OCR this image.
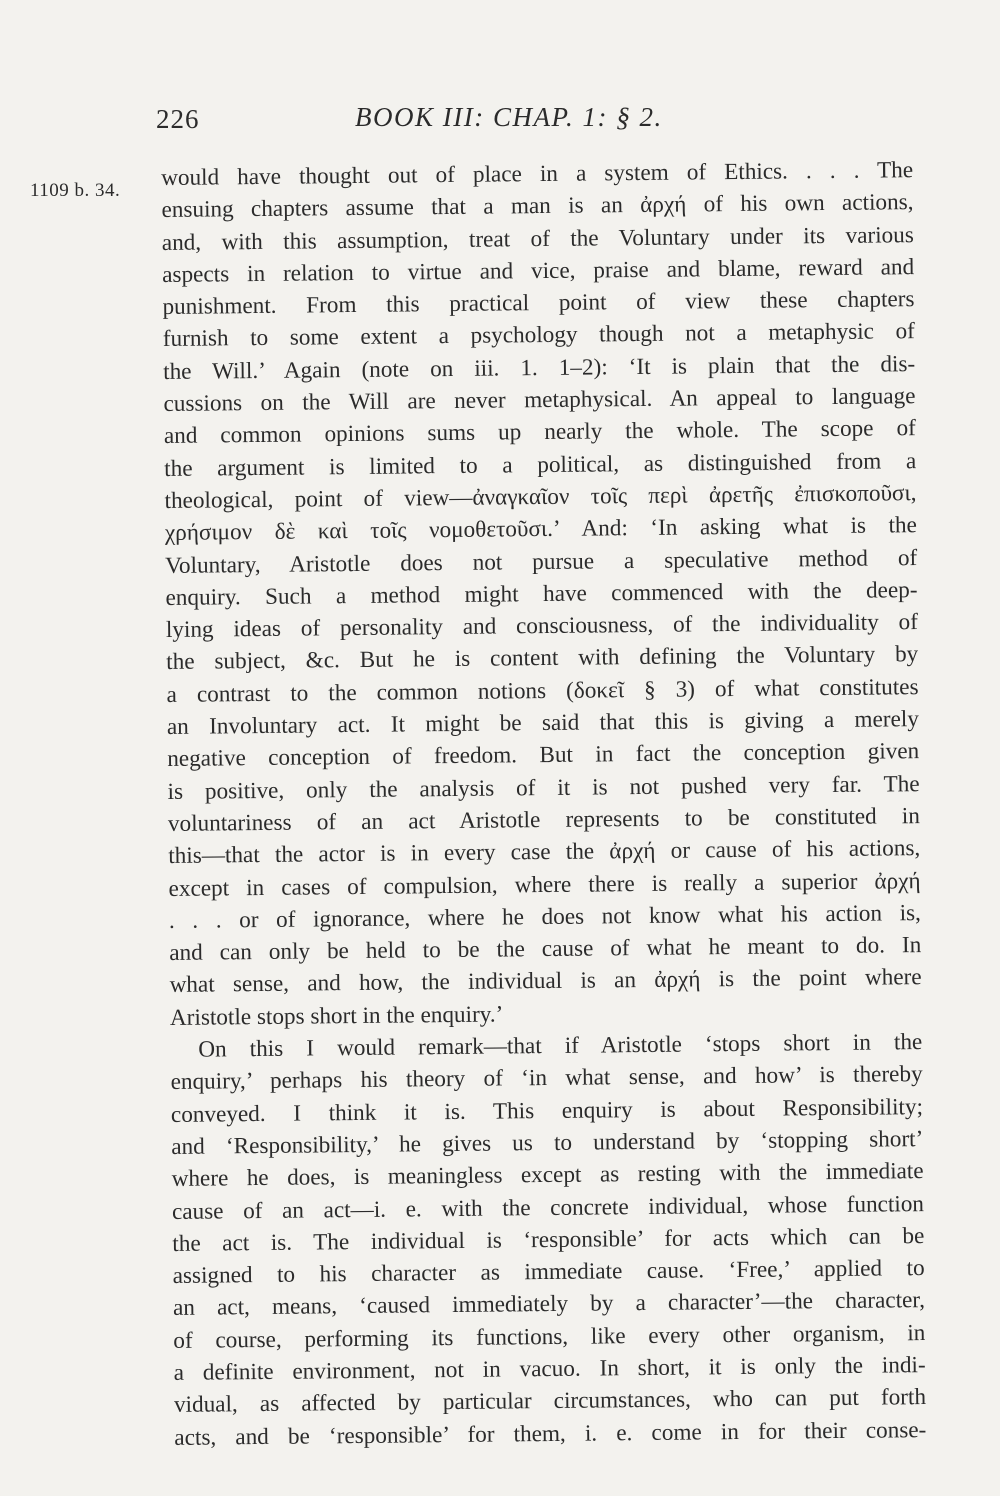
226	BOOK III: CHAP. 1: § 2.
1109 b. 34. would have thought out of place in a system of Ethics. . . . The
ensuing chapters assume that a man is an ἀρχή of his own actions,
and, with this assumption, treat of the Voluntary under its various
aspects in relation to virtue and vice, praise and blame, reward and
punishment. From this practical point of view these chapters
furnish to some extent a psychology though not a metaphysic of
the Will.’ Again (note on iii. 1. 1–2): ‘It is plain that the dis-
cussions on the Will are never metaphysical. An appeal to language
and common opinions sums up nearly the whole. The scope of
the argument is limited to a political, as distinguished from a
theological, point of view—ἀναγκαῖον τοῖς περὶ ἀρετῆς ἐπισκοποῦσι,
χρήσιμον δὲ καὶ τοῖς νομοθετοῦσι.’ And: ‘In asking what is the
Voluntary, Aristotle does not pursue a speculative method of
enquiry. Such a method might have commenced with the deep-
lying ideas of personality and consciousness, of the individuality of
the subject, &c. But he is content with defining the Voluntary by
a contrast to the common notions (δοκεῖ § 3) of what constitutes
an Involuntary act. It might be said that this is giving a merely
negative conception of freedom. But in fact the conception given
is positive, only the analysis of it is not pushed very far. The
voluntariness of an act Aristotle represents to be constituted in
this—that the actor is in every case the ἀρχή or cause of his actions,
except in cases of compulsion, where there is really a superior ἀρχή
. . . or of ignorance, where he does not know what his action is,
and can only be held to be the cause of what he meant to do. In
what sense, and how, the individual is an ἀρχή is the point where
Aristotle stops short in the enquiry.’
On this I would remark—that if Aristotle ‘stops short in the
enquiry,’ perhaps his theory of ‘in what sense, and how’ is thereby
conveyed. I think it is. This enquiry is about Responsibility;
and ‘Responsibility,’ he gives us to understand by ‘stopping short’
where he does, is meaningless except as resting with the immediate
cause of an act—i. e. with the concrete individual, whose function
the act is. The individual is ‘responsible’ for acts which can be
assigned to his character as immediate cause. ‘Free,’ applied to
an act, means, ‘caused immediately by a character’—the character,
of course, performing its functions, like every other organism, in
a definite environment, not in vacuo. In short, it is only the indi-
vidual, as affected by particular circumstances, who can put forth
acts, and be ‘responsible’ for them, i. e. come in for their conse-
